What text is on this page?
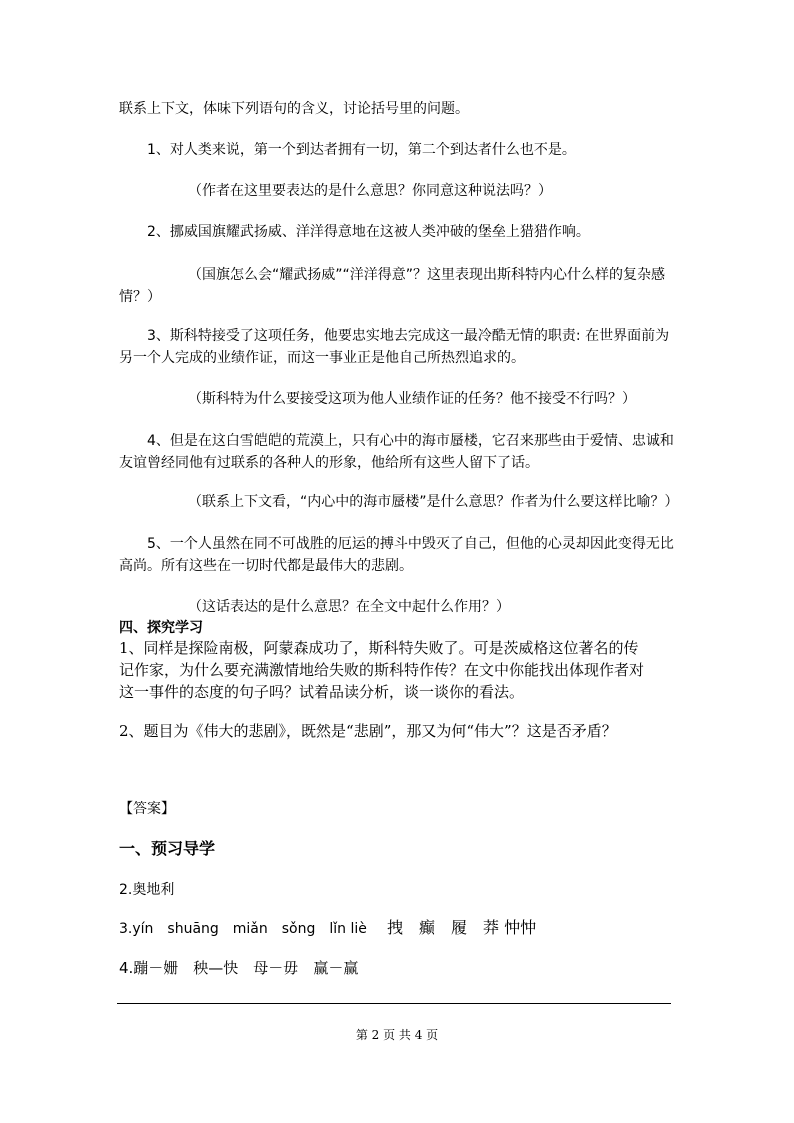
联系上下文，体味下列语句的含义，讨论括号里的问题。
1、对人类来说，第一个到达者拥有一切，第二个到达者什么也不是。
（作者在这里要表达的是什么意思？你同意这种说法吗？）
2、挪威国旗耀武扬威、洋洋得意地在这被人类冲破的堡垒上猎猎作响。
（国旗怎么会“耀武扬威”“洋洋得意”？这里表现出斯科特内心什么样的复杂感
情？）
3、斯科特接受了这项任务，他要忠实地去完成这一最冷酷无情的职责: 在世界面前为
另一个人完成的业绩作证，而这一事业正是他自己所热烈追求的。
（斯科特为什么要接受这项为他人业绩作证的任务？他不接受不行吗？）
4、但是在这白雪皑皑的荒漠上，只有心中的海市蜃楼，它召来那些由于爱情、忠诚和
友谊曾经同他有过联系的各种人的形象，他给所有这些人留下了话。
（联系上下文看，“内心中的海市蜃楼”是什么意思？作者为什么要这样比喻？）
5、一个人虽然在同不可战胜的厄运的搏斗中毁灭了自己，但他的心灵却因此变得无比
高尚。所有这些在一切时代都是最伟大的悲剧。
（这话表达的是什么意思？在全文中起什么作用？）
四、探究学习
1、同样是探险南极，阿蒙森成功了，斯科特失败了。可是茨威格这位著名的传
记作家，为什么要充满激情地给失败的斯科特作传？在文中你能找出体现作者对
这一事件的态度的句子吗？试着品读分析，谈一谈你的看法。
2、题目为《伟大的悲剧》，既然是“悲剧”，那又为何“伟大”？这是否矛盾？
【答案】
一、预习导学
2.奥地利
3.yín　shuāng　miǎn　sǒng　lǐn liè 拽　癫　履　莽 忡忡
4.蹦－姗　秧—快　母－毋　赢－赢
第 2 页 共 4 页
